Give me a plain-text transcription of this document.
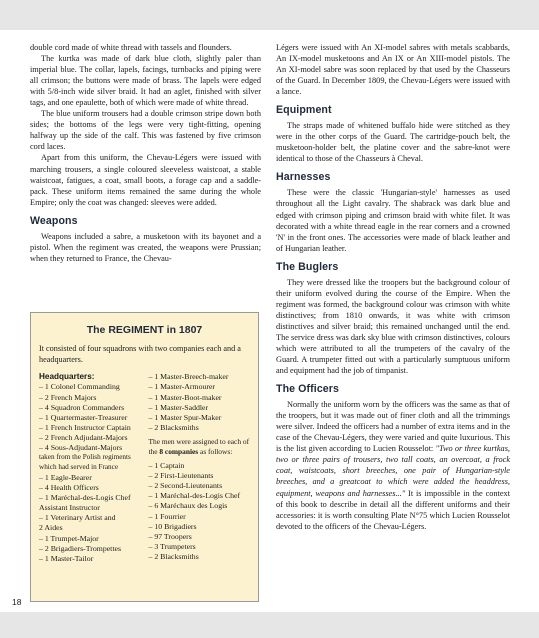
double cord made of white thread with tassels and flounders.

The kurtka was made of dark blue cloth, slightly paler than imperial blue. The collar, lapels, facings, turnbacks and piping were all crimson; the buttons were made of brass. The lapels were edged with 5/8-inch wide silver braid. It had an aglet, finished with silver tags, and one epaulette, both of which were made of white thread.

The blue uniform trousers had a double crimson stripe down both sides; the bottoms of the legs were very tight-fitting, opening halfway up the side of the calf. This was fastened by five crimson cord laces.

Apart from this uniform, the Chevau-Légers were issued with marching trousers, a single coloured sleeveless waistcoat, a stable waistcoat, fatigues, a coat, small boots, a forage cap and a saddle-pack. These uniform items remained the same during the whole Empire; only the coat was changed: sleeves were added.

Weapons

Weapons included a sabre, a musketoon with its bayonet and a pistol. When the regiment was created, the weapons were Prussian; when they returned to France, the Chevau-

The REGIMENT in 1807
It consisted of four squadrons with two companies each and a headquarters.
Headquarters:
– 1 Colonel Commanding
– 2 French Majors
– 4 Squadron Commanders
– 1 Quartermaster-Treasurer
– 1 French Instructor Captain
– 2 French Adjudant-Majors
– 4 Sous-Adjudant-Majors
taken from the Polish regiments which had served in France
– 1 Eagle-Bearer
– 4 Health Officers
– 1 Maréchal-des-Logis Chef
Assistant Instructor
– 1 Veterinary Artist and
2 Aides
– 1 Trumpet-Major
– 2 Brigadiers-Trompettes
– 1 Master-Tailor
– 1 Master-Breech-maker
– 1 Master-Armourer
– 1 Master-Boot-maker
– 1 Master-Saddler
– 1 Master Spur-Maker
– 2 Blacksmiths
The men were assigned to each of the 8 companies as follows:
– 1 Captain
– 2 First-Lieutenants
– 2 Second-Lieutenants
– 1 Maréchal-des-Logis Chef
– 6 Maréchaux des Logis
– 1 Fourrier
– 10 Brigadiers
– 97 Troopers
– 3 Trumpeters
– 2 Blacksmiths

Légers were issued with An XI-model sabres with metals scabbards, An IX-model musketoons and An IX or An XIII-model pistols. The An XI-model sabre was soon replaced by that used by the Chasseurs of the Guard. In December 1809, the Chevau-Légers were issued with a lance.

Equipment

The straps made of whitened buffalo hide were stitched as they were in the other corps of the Guard. The cartridge-pouch belt, the musketoon-holder belt, the platine cover and the sabre-knot were identical to those of the Chasseurs à Cheval.

Harnesses

These were the classic 'Hungarian-style' harnesses as used throughout all the Light cavalry. The shabrack was dark blue and edged with crimson piping and crimson braid with white filet. It was decorated with a white thread eagle in the rear corners and a crowned 'N' in the front ones. The accessories were made of black leather and of Hungarian leather.

The Buglers

They were dressed like the troopers but the background colour of their uniform evolved during the course of the Empire. When the regiment was formed, the background colour was crimson with white distinctives; from 1810 onwards, it was white with crimson distinctives and silver braid; this remained unchanged until the end. The service dress was dark sky blue with crimson distinctives, colours which were attributed to all the trumpeters of the cavalry of the Guard. A trumpeter fitted out with a particularly sumptuous uniform and equipment had the job of timpanist.

The Officers

Normally the uniform worn by the officers was the same as that of the troopers, but it was made out of finer cloth and all the trimmings were silver. Indeed the officers had a number of extra items and in the case of the Chevau-Légers, they were varied and quite luxurious. This is the list given according to Lucien Rousselot: "Two or three kurtkas, two or three pairs of trousers, two tall coats, an overcoat, a frock coat, waistcoats, short breeches, one pair of Hungarian-style breeches, and a greatcoat to which were added the headdress, equipment, weapons and harnesses..." It is impossible in the context of this book to describe in detail all the different uniforms and their accessories: it is worth consulting Plate N°75 which Lucien Rousselot devoted to the officers of the Chevau-Légers.

18
